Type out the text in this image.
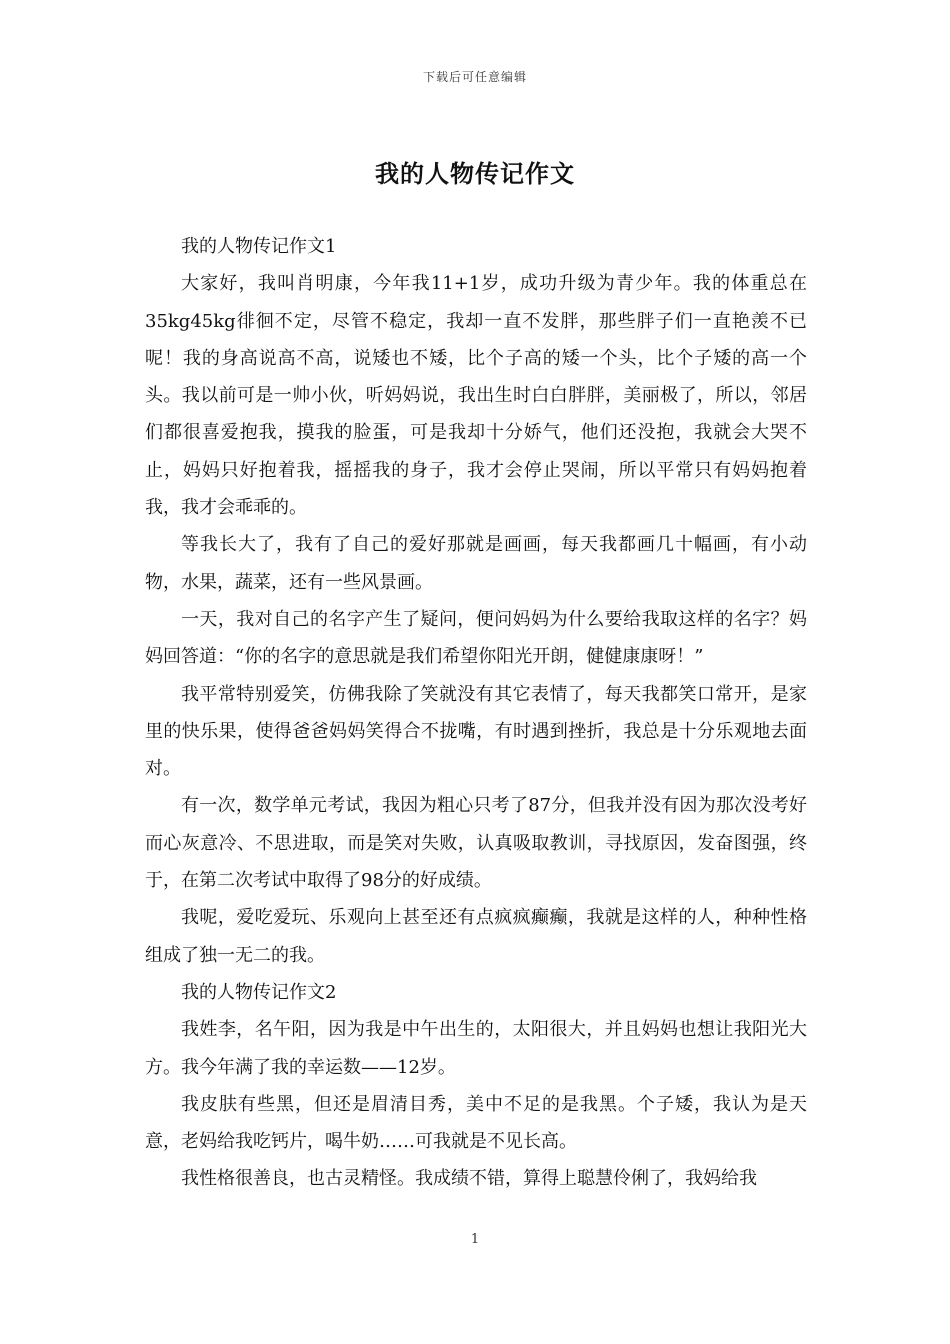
下载后可任意编辑
我的人物传记作文

我的人物传记作文1

大家好，我叫肖明康，今年我11+1岁，成功升级为青少年。我的体重总在35kg45kg徘徊不定，尽管不稳定，我却一直不发胖，那些胖子们一直艳羡不已呢！我的身高说高不高，说矮也不矮，比个子高的矮一个头，比个子矮的高一个头。我以前可是一帅小伙，听妈妈说，我出生时白白胖胖，美丽极了，所以，邻居们都很喜爱抱我，摸我的脸蛋，可是我却十分娇气，他们还没抱，我就会大哭不止，妈妈只好抱着我，摇摇我的身子，我才会停止哭闹，所以平常只有妈妈抱着我，我才会乖乖的。

等我长大了，我有了自己的爱好那就是画画，每天我都画几十幅画，有小动物，水果，蔬菜，还有一些风景画。

一天，我对自己的名字产生了疑问，便问妈妈为什么要给我取这样的名字？妈妈回答道：“你的名字的意思就是我们希望你阳光开朗，健健康康呀！”

我平常特别爱笑，仿佛我除了笑就没有其它表情了，每天我都笑口常开，是家里的快乐果，使得爸爸妈妈笑得合不拢嘴，有时遇到挫折，我总是十分乐观地去面对。

有一次，数学单元考试，我因为粗心只考了87分，但我并没有因为那次没考好而心灰意冷、不思进取，而是笑对失败，认真吸取教训，寻找原因，发奋图强，终于，在第二次考试中取得了98分的好成绩。

我呢，爱吃爱玩、乐观向上甚至还有点疯疯癫癫，我就是这样的人，种种性格组成了独一无二的我。

我的人物传记作文2

我姓李，名午阳，因为我是中午出生的，太阳很大，并且妈妈也想让我阳光大方。我今年满了我的幸运数——12岁。

我皮肤有些黑，但还是眉清目秀，美中不足的是我黑。个子矮，我认为是天意，老妈给我吃钙片，喝牛奶……可我就是不见长高。

我性格很善良，也古灵精怪。我成绩不错，算得上聪慧伶俐了，我妈给我

1
